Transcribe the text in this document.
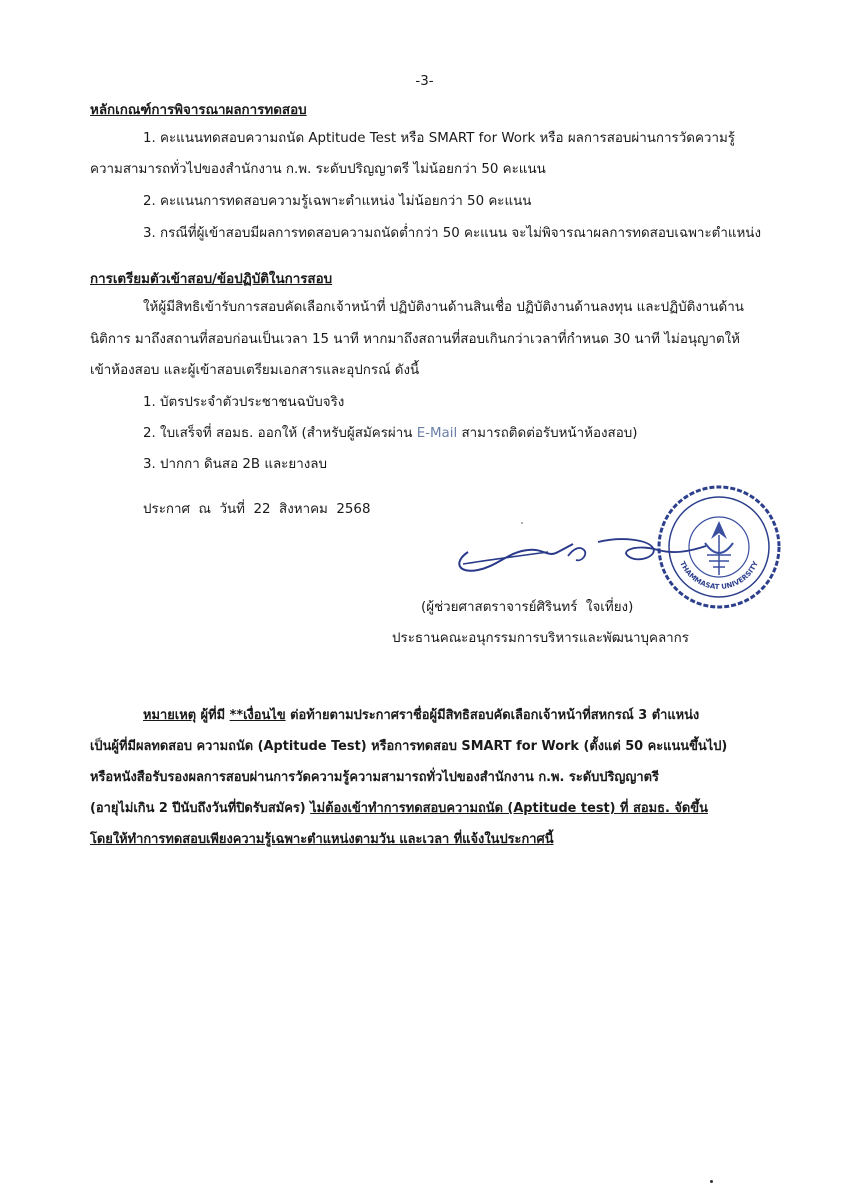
-3-
หลักเกณฑ์การพิจารณาผลการทดสอบ
1. คะแนนทดสอบความถนัด Aptitude Test หรือ SMART for Work หรือ ผลการสอบผ่านการวัดความรู้
ความสามารถทั่วไปของสำนักงาน ก.พ. ระดับปริญญาตรี ไม่น้อยกว่า 50 คะแนน
2. คะแนนการทดสอบความรู้เฉพาะตำแหน่ง ไม่น้อยกว่า 50 คะแนน
3. กรณีที่ผู้เข้าสอบมีผลการทดสอบความถนัดต่ำกว่า 50 คะแนน จะไม่พิจารณาผลการทดสอบเฉพาะตำแหน่ง
การเตรียมตัวเข้าสอบ/ข้อปฏิบัติในการสอบ
ให้ผู้มีสิทธิเข้ารับการสอบคัดเลือกเจ้าหน้าที่ ปฏิบัติงานด้านสินเชื่อ ปฏิบัติงานด้านลงทุน และปฏิบัติงานด้าน
นิติการ มาถึงสถานที่สอบก่อนเป็นเวลา 15 นาที หากมาถึงสถานที่สอบเกินกว่าเวลาที่กำหนด 30 นาที ไม่อนุญาตให้
เข้าห้องสอบ และผู้เข้าสอบเตรียมเอกสารและอุปกรณ์ ดังนี้
1. บัตรประจำตัวประชาชนฉบับจริง
2. ใบเสร็จที่ สอมธ. ออกให้ (สำหรับผู้สมัครผ่าน E-Mail สามารถติดต่อรับหน้าห้องสอบ)
3. ปากกา ดินสอ 2B และยางลบ
ประกาศ  ณ  วันที่  22  สิงหาคม  2568
THAMMASAT UNIVERSITY
(ผู้ช่วยศาสตราจารย์ศิรินทร์  ใจเที่ยง)
ประธานคณะอนุกรรมการบริหารและพัฒนาบุคลากร
หมายเหตุ ผู้ที่มี **เงื่อนไข ต่อท้ายตามประกาศราชื่อผู้มีสิทธิสอบคัดเลือกเจ้าหน้าที่สหกรณ์ 3 ตำแหน่ง
เป็นผู้ที่มีผลทดสอบ ความถนัด (Aptitude Test) หรือการทดสอบ SMART for Work (ตั้งแต่ 50 คะแนนขึ้นไป)
หรือหนังสือรับรองผลการสอบผ่านการวัดความรู้ความสามารถทั่วไปของสำนักงาน ก.พ. ระดับปริญญาตรี
(อายุไม่เกิน 2 ปีนับถึงวันที่ปิดรับสมัคร) ไม่ต้องเข้าทำการทดสอบความถนัด (Aptitude test) ที่ สอมธ. จัดขึ้น
โดยให้ทำการทดสอบเพียงความรู้เฉพาะตำแหน่งตามวัน และเวลา ที่แจ้งในประกาศนี้
